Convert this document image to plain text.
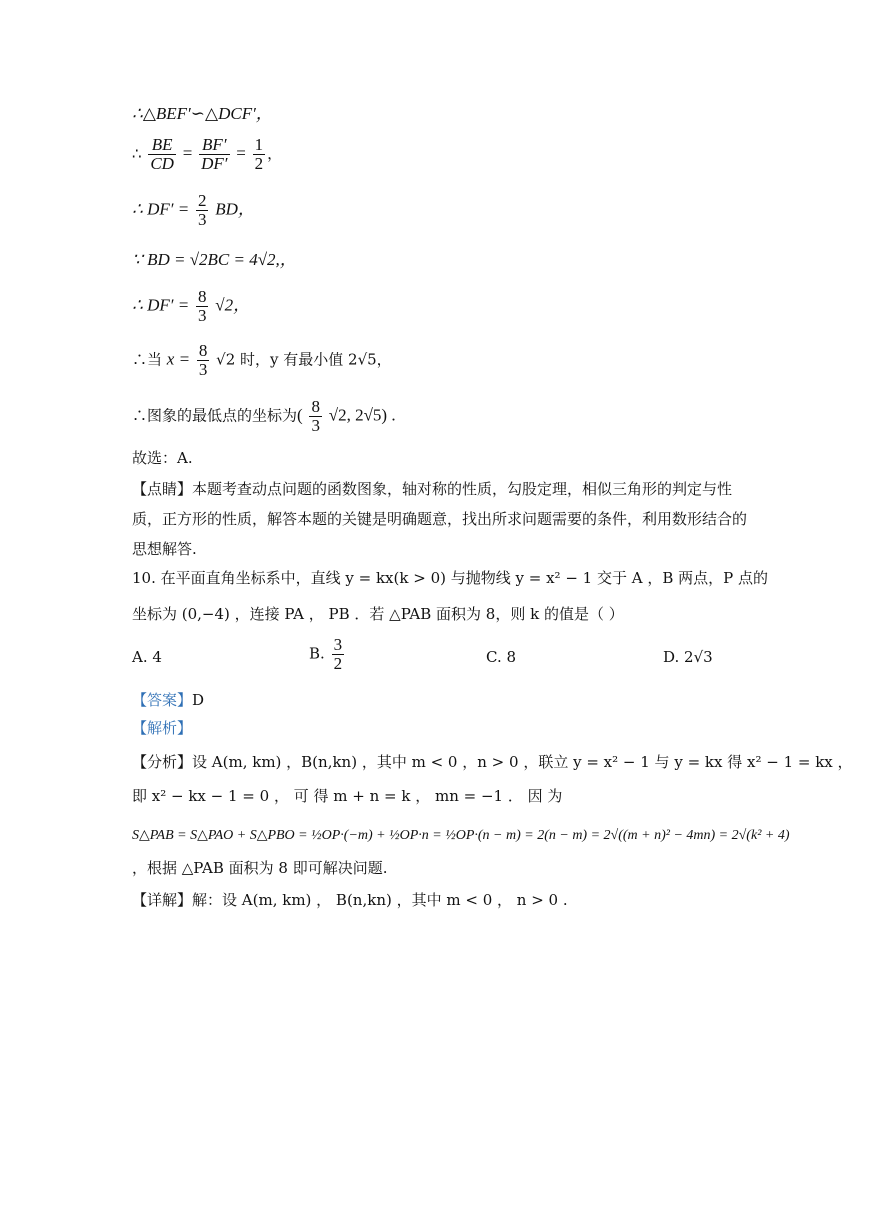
∴△BEF′∽△DCF′，
∴ $\frac{BE}{CD} = \frac{BF'}{DF'} = \frac{1}{2}$ ，
∴ $DF' = \frac{2}{3}$ BD，
∵ BD = √2BC = 4√2,，
∴ $DF' = \frac{8}{3} √2$，
∴当 $x = \frac{8}{3} √2$ 时，y 有最小值 2√5，
∴图象的最低点的坐标为( $\frac{8}{3} √2$, 2√5) .
故选：A.
【点睛】本题考查动点问题的函数图象，轴对称的性质，勾股定理，相似三角形的判定与性质，正方形的性质，解答本题的关键是明确题意，找出所求问题需要的条件，利用数形结合的思想解答.
10. 在平面直角坐标系中，直线 y = kx(k > 0) 与抛物线 y = x² − 1 交于 A ，B 两点，P 点的
坐标为 (0,−4) ，连接 PA ， PB ．若 △PAB 面积为 8，则 k 的值是（ ）
A. 4	B. $\frac{3}{2}$	C. 8	D. 2√3
【答案】D
【解析】
【分析】设 A(m, km) ，B(n,kn) ，其中 m < 0 ，n > 0 ，联立 y = x² − 1 与 y = kx 得 x² − 1 = kx ，
即 x² − kx − 1 = 0 ， 可 得 m + n = k ， mn = −1 ． 因 为
S△PAB = S△PAO + S△PBO = ½OP·(−m) + ½OP·n = ½OP·(n − m) = 2(n − m) = 2√((m + n)² − 4mn) = 2√(k² + 4)
，根据 △PAB 面积为 8 即可解决问题.
【详解】解：设 A(m, km) ， B(n,kn) ，其中 m < 0 ， n > 0 .
